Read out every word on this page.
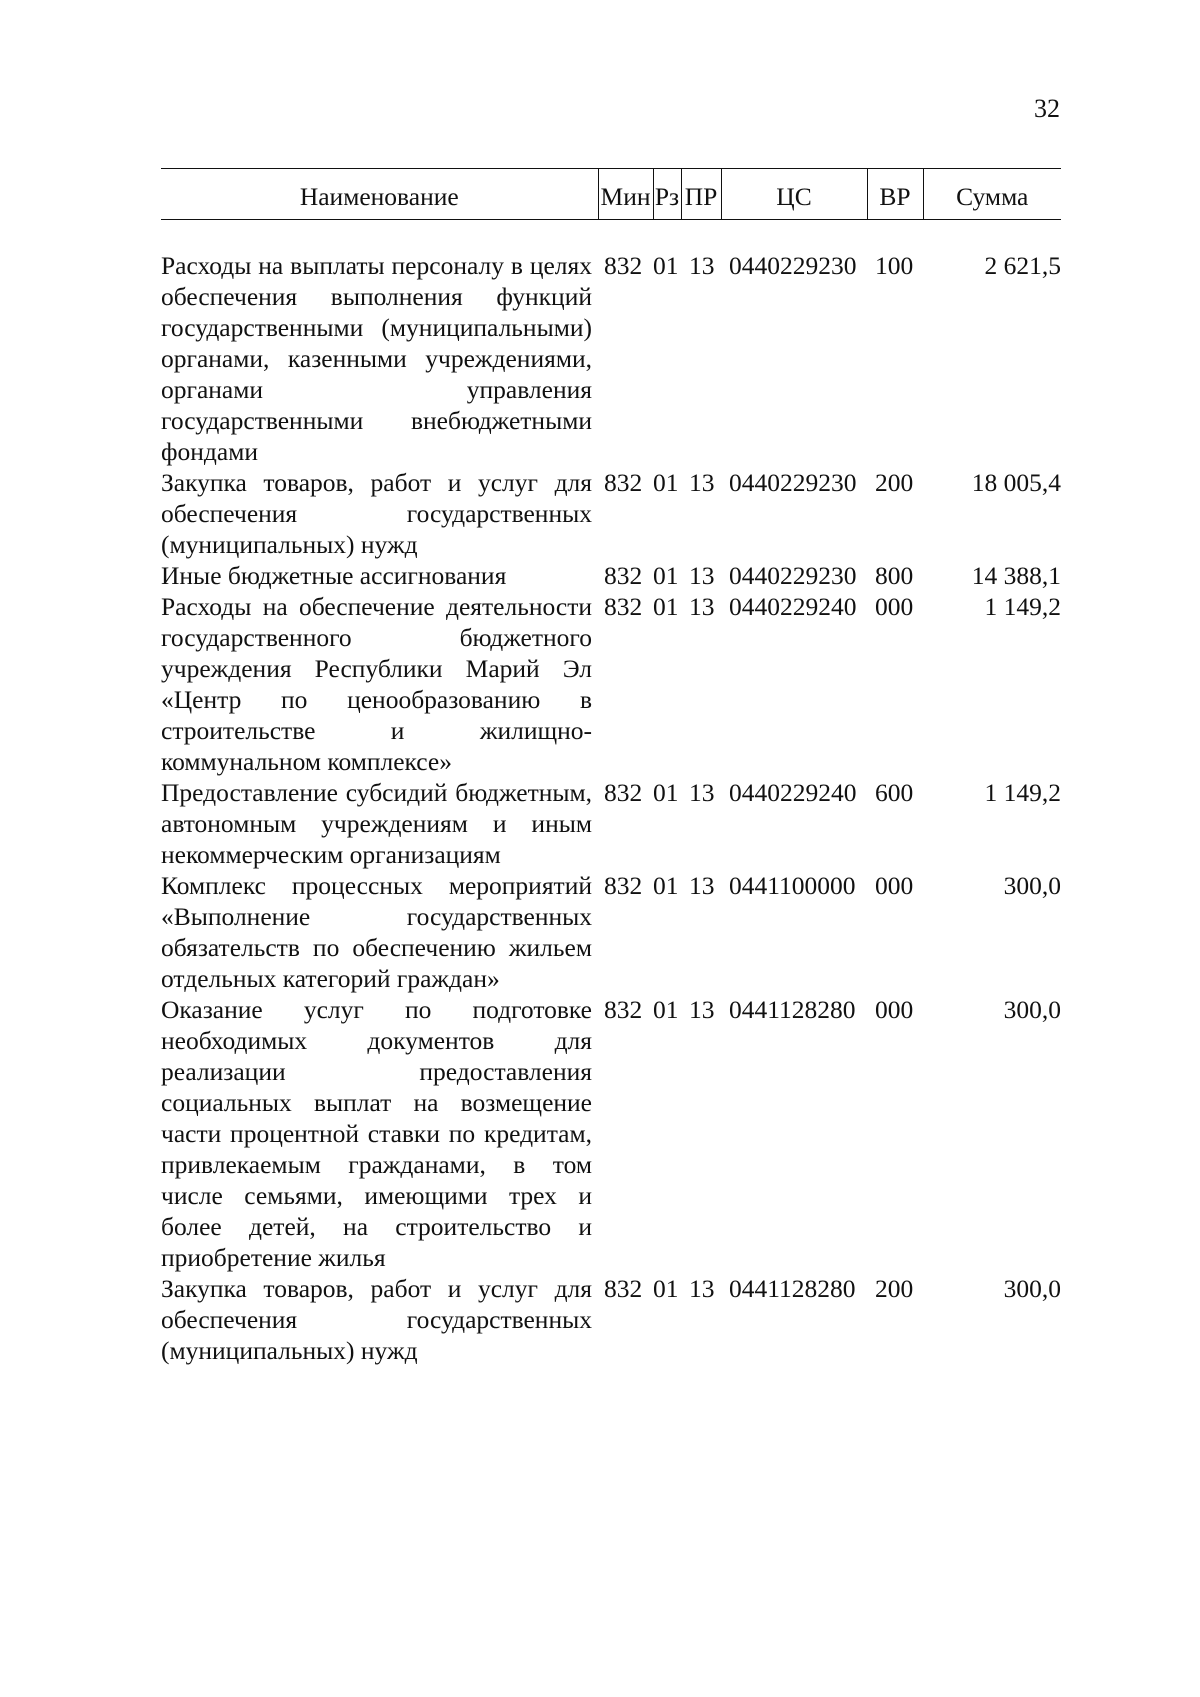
32
Наименование	Мин	Рз	ПР	ЦС	ВР	Сумма

Расходы на выплаты персоналу в целях обеспечения выполнения функций государственными (муниципальными) органами, казенными учреждениями, органами управления государственными внебюджетными фондами	832	01	13	0440229230	100	2 621,5
Закупка товаров, работ и услуг для обеспечения государственных (муниципальных) нужд	832	01	13	0440229230	200	18 005,4
Иные бюджетные ассигнования	832	01	13	0440229230	800	14 388,1
Расходы на обеспечение деятельности государственного бюджетного учреждения Республики Марий Эл «Центр по ценообразованию в строительстве и жилищно-коммунальном комплексе»	832	01	13	0440229240	000	1 149,2
Предоставление субсидий бюджетным, автономным учреждениям и иным некоммерческим организациям	832	01	13	0440229240	600	1 149,2
Комплекс процессных мероприятий «Выполнение государственных обязательств по обеспечению жильем отдельных категорий граждан»	832	01	13	0441100000	000	300,0
Оказание услуг по подготовке необходимых документов для реализации предоставления социальных выплат на возмещение части процентной ставки по кредитам, привлекаемым гражданами, в том числе семьями, имеющими трех и более детей, на строительство и приобретение жилья	832	01	13	0441128280	000	300,0
Закупка товаров, работ и услуг для обеспечения государственных (муниципальных) нужд	832	01	13	0441128280	200	300,0
